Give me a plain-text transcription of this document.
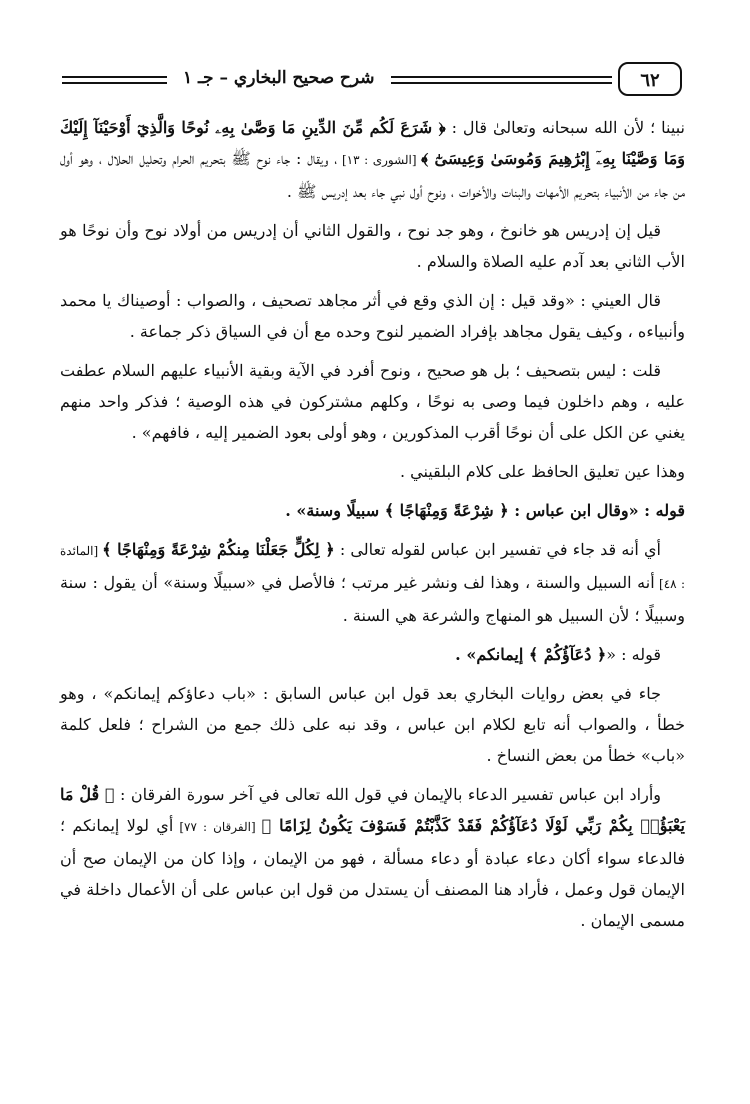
شرح صحيح البخاري – جـ ١	٦٢

نبينا ؛ لأن الله سبحانه وتعالىٰ قال : ﴿ شَرَعَ لَكُم مِّنَ الدِّينِ مَا وَصَّىٰ بِهِۦ نُوحًا وَالَّذِيٓ أَوْحَيْنَآ إِلَيْكَ وَمَا وَصَّيْنَا بِهِۦٓ إِبْرَٰهِيمَ وَمُوسَىٰ وَعِيسَىٰٓ ﴾ [الشورى : ١٣] ، ويقال : جاء نوح ﷺ بتحريم الحرام وتحليل الحلال ، وهو أول من جاء من الأنبياء بتحريم الأمهات والبنات والأخوات ، ونوح أول نبي جاء بعد إدريس ﷺ .

قيل إن إدريس هو خانوخ ، وهو جد نوح ، والقول الثاني أن إدريس من أولاد نوح وأن نوحًا هو الأب الثاني بعد آدم عليه الصلاة والسلام .

قال العيني : «وقد قيل : إن الذي وقع في أثر مجاهد تصحيف ، والصواب : أوصيناك يا محمد وأنبياءه ، وكيف يقول مجاهد بإفراد الضمير لنوح وحده مع أن في السياق ذكر جماعة .

قلت : ليس بتصحيف ؛ بل هو صحيح ، ونوح أفرد في الآية وبقية الأنبياء عليهم السلام عطفت عليه ، وهم داخلون فيما وصى به نوحًا ، وكلهم مشتركون في هذه الوصية ؛ فذكر واحد منهم يغني عن الكل على أن نوحًا أقرب المذكورين ، وهو أولى بعود الضمير إليه ، فافهم» .

وهذا عين تعليق الحافظ على كلام البلقيني .

قوله : «وقال ابن عباس : ﴿ شِرْعَةً وَمِنْهَاجًا ﴾ سبيلًا وسنة» .

أي أنه قد جاء في تفسير ابن عباس لقوله تعالى : ﴿ لِكُلٍّ جَعَلْنَا مِنكُمْ شِرْعَةً وَمِنْهَاجًا ﴾ [المائدة : ٤٨] أنه السبيل والسنة ، وهذا لف ونشر غير مرتب ؛ فالأصل في «سبيلًا وسنة» أن يقول : سنة وسبيلًا ؛ لأن السبيل هو المنهاج والشرعة هي السنة .

قوله : «﴿ دُعَآؤُكُمْ ﴾ إيمانكم» .

جاء في بعض روايات البخاري بعد قول ابن عباس السابق : «باب دعاؤكم إيمانكم» ، وهو خطأ ، والصواب أنه تابع لكلام ابن عباس ، وقد نبه على ذلك جمع من الشراح ؛ فلعل كلمة «باب» خطأ من بعض النساخ .

وأراد ابن عباس تفسير الدعاء بالإيمان في قول الله تعالى في آخر سورة الفرقان : ﴿ قُلْ مَا يَعْبَؤُا۟ بِكُمْ رَبِّي لَوْلَا دُعَآؤُكُمْ فَقَدْ كَذَّبْتُمْ فَسَوْفَ يَكُونُ لِزَامًا ﴾ [الفرقان : ٧٧] أي لولا إيمانكم ؛ فالدعاء سواء أكان دعاء عبادة أو دعاء مسألة ، فهو من الإيمان ، وإذا كان من الإيمان صح أن الإيمان قول وعمل ، فأراد هنا المصنف أن يستدل من قول ابن عباس على أن الأعمال داخلة في مسمى الإيمان .
